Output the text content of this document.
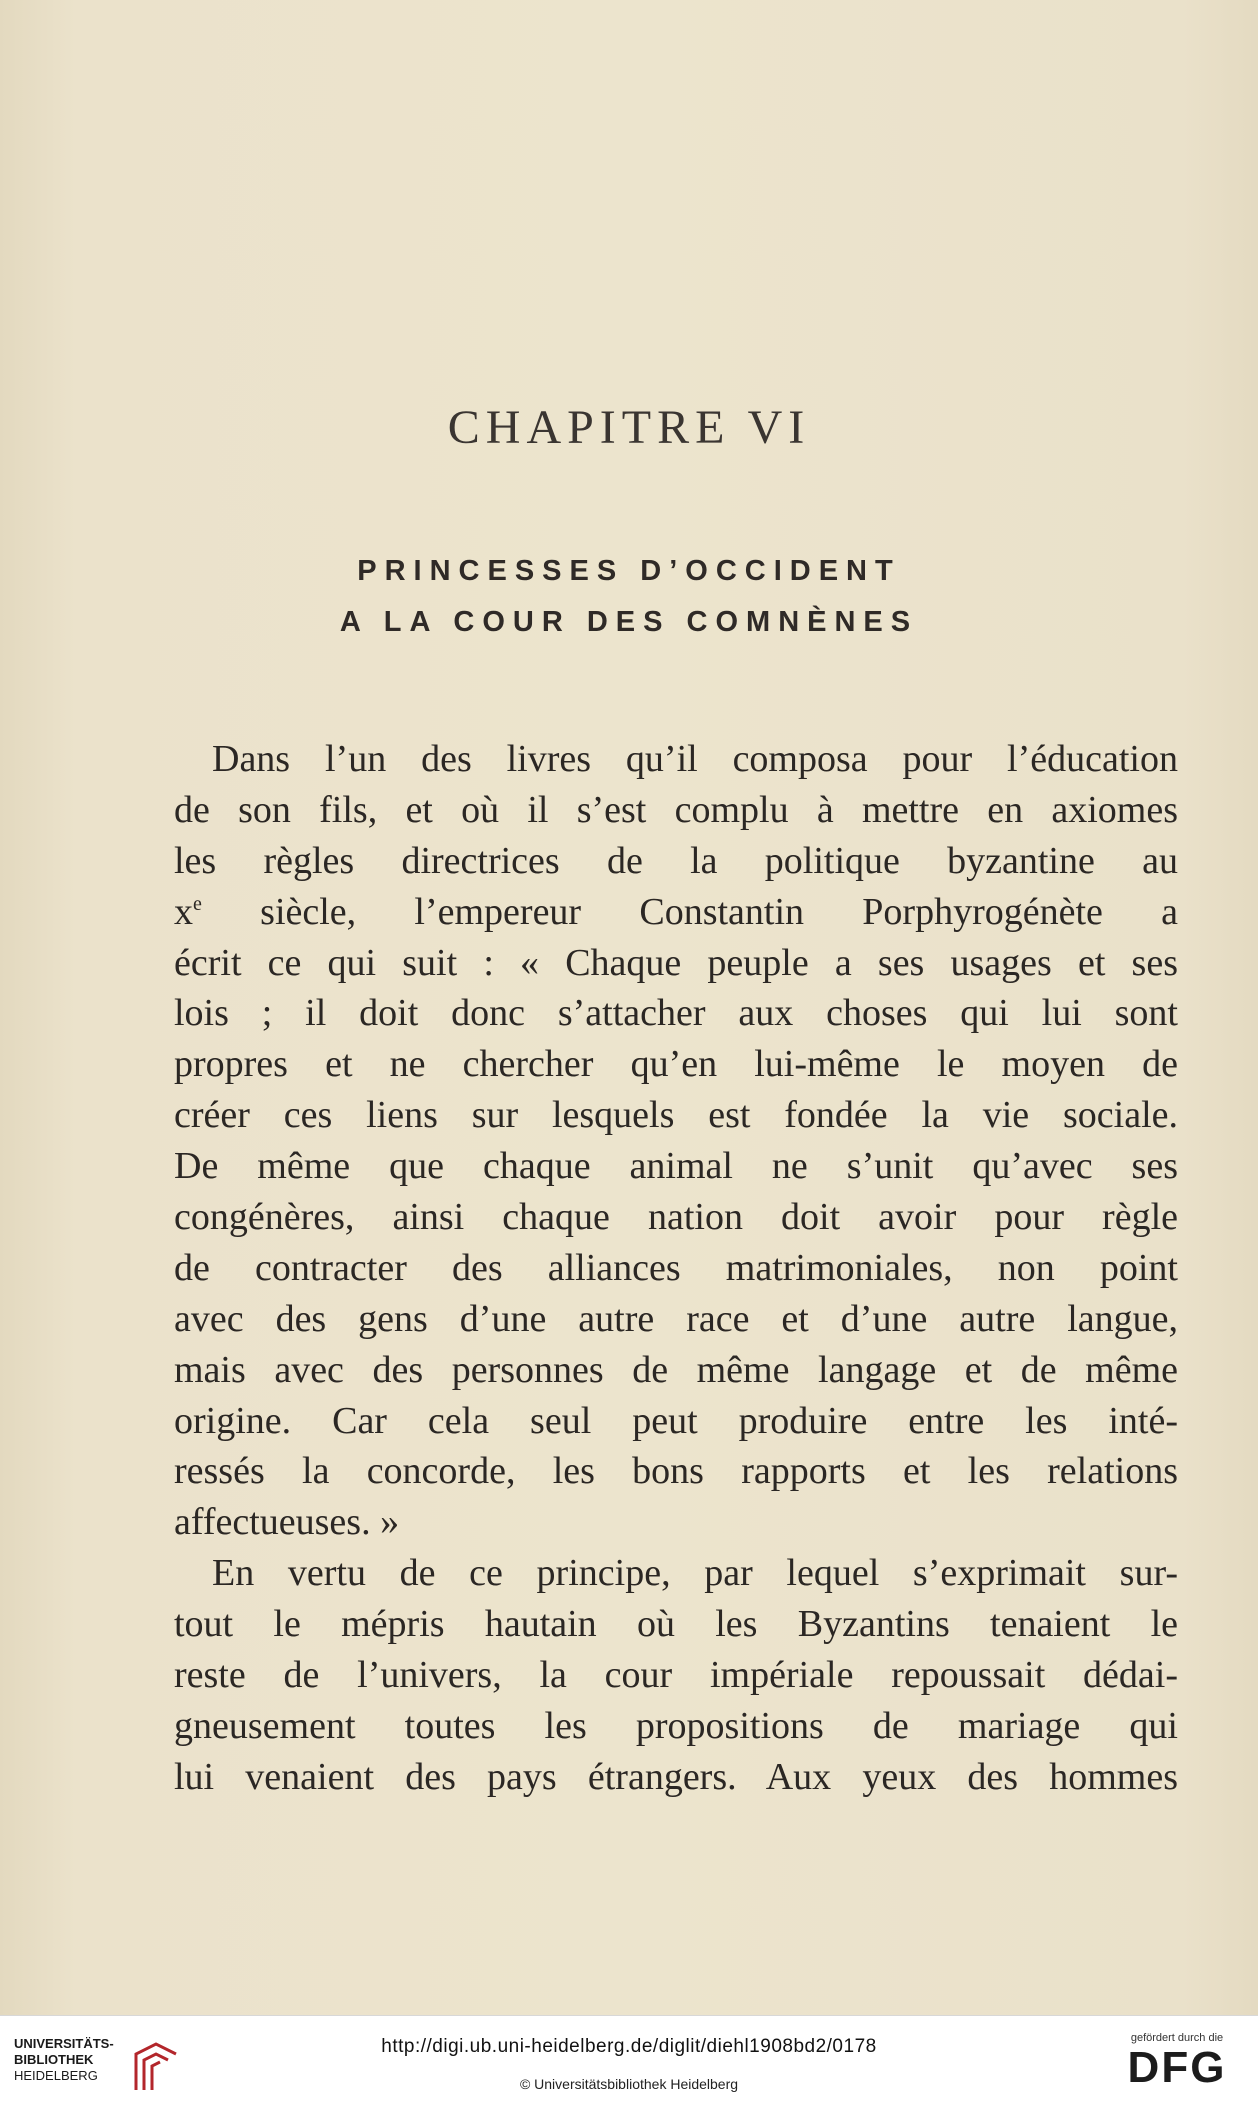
CHAPITRE VI
PRINCESSES D’OCCIDENT
A LA COUR DES COMNÈNES
Dans l’un des livres qu’il composa pour l’éducation
de son fils, et où il s’est complu à mettre en axiomes
les règles directrices de la politique byzantine au
$x^e$ siècle, l’empereur Constantin Porphyrogénète a
écrit ce qui suit : « Chaque peuple a ses usages et ses
lois ; il doit donc s’attacher aux choses qui lui sont
propres et ne chercher qu’en lui-même le moyen de
créer ces liens sur lesquels est fondée la vie sociale.
De même que chaque animal ne s’unit qu’avec ses
congénères, ainsi chaque nation doit avoir pour règle
de contracter des alliances matrimoniales, non point
avec des gens d’une autre race et d’une autre langue,
mais avec des personnes de même langage et de même
origine. Car cela seul peut produire entre les inté-
ressés la concorde, les bons rapports et les relations
affectueuses. »
En vertu de ce principe, par lequel s’exprimait sur-
tout le mépris hautain où les Byzantins tenaient le
reste de l’univers, la cour impériale repoussait dédai-
gneusement toutes les propositions de mariage qui
lui venaient des pays étrangers. Aux yeux des hommes
UNIVERSITÄTS-
BIBLIOTHEK
HEIDELBERG
http://digi.ub.uni-heidelberg.de/diglit/diehl1908bd2/0178
© Universitätsbibliothek Heidelberg
gefördert durch die
DFG
